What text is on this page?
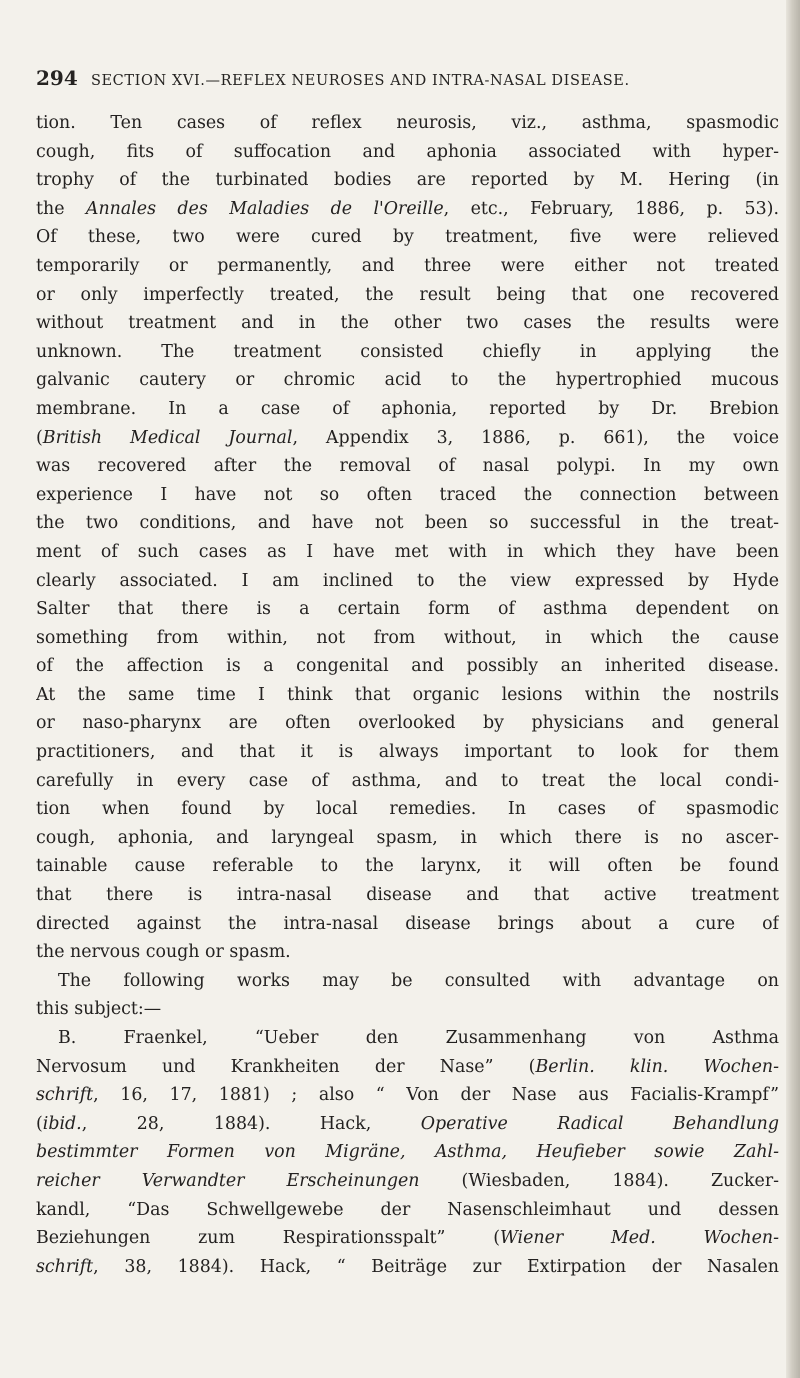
294 SECTION XVI.—REFLEX NEUROSES AND INTRA-NASAL DISEASE.
tion. Ten cases of reflex neurosis, viz., asthma, spasmodic
cough, fits of suffocation and aphonia associated with hyper-
trophy of the turbinated bodies are reported by M. Hering (in
the Annales des Maladies de l'Oreille, etc., February, 1886, p. 53).
Of these, two were cured by treatment, five were relieved
temporarily or permanently, and three were either not treated
or only imperfectly treated, the result being that one recovered
without treatment and in the other two cases the results were
unknown. The treatment consisted chiefly in applying the
galvanic cautery or chromic acid to the hypertrophied mucous
membrane. In a case of aphonia, reported by Dr. Brebion
(British Medical Journal, Appendix 3, 1886, p. 661), the voice
was recovered after the removal of nasal polypi. In my own
experience I have not so often traced the connection between
the two conditions, and have not been so successful in the treat-
ment of such cases as I have met with in which they have been
clearly associated. I am inclined to the view expressed by Hyde
Salter that there is a certain form of asthma dependent on
something from within, not from without, in which the cause
of the affection is a congenital and possibly an inherited disease.
At the same time I think that organic lesions within the nostrils
or naso-pharynx are often overlooked by physicians and general
practitioners, and that it is always important to look for them
carefully in every case of asthma, and to treat the local condi-
tion when found by local remedies. In cases of spasmodic
cough, aphonia, and laryngeal spasm, in which there is no ascer-
tainable cause referable to the larynx, it will often be found
that there is intra-nasal disease and that active treatment
directed against the intra-nasal disease brings about a cure of
the nervous cough or spasm.
The following works may be consulted with advantage on
this subject:—
B. Fraenkel, “Ueber den Zusammenhang von Asthma
Nervosum und Krankheiten der Nase” (Berlin. klin. Wochen-
schrift, 16, 17, 1881) ; also “ Von der Nase aus Facialis-Krampf”
(ibid., 28, 1884). Hack, Operative Radical Behandlung
bestimmter Formen von Migräne, Asthma, Heufieber sowie Zahl-
reicher Verwandter Erscheinungen (Wiesbaden, 1884). Zucker-
kandl, “Das Schwellgewebe der Nasenschleimhaut und dessen
Beziehungen zum Respirationsspalt” (Wiener Med. Wochen-
schrift, 38, 1884). Hack, “ Beiträge zur Extirpation der Nasalen
